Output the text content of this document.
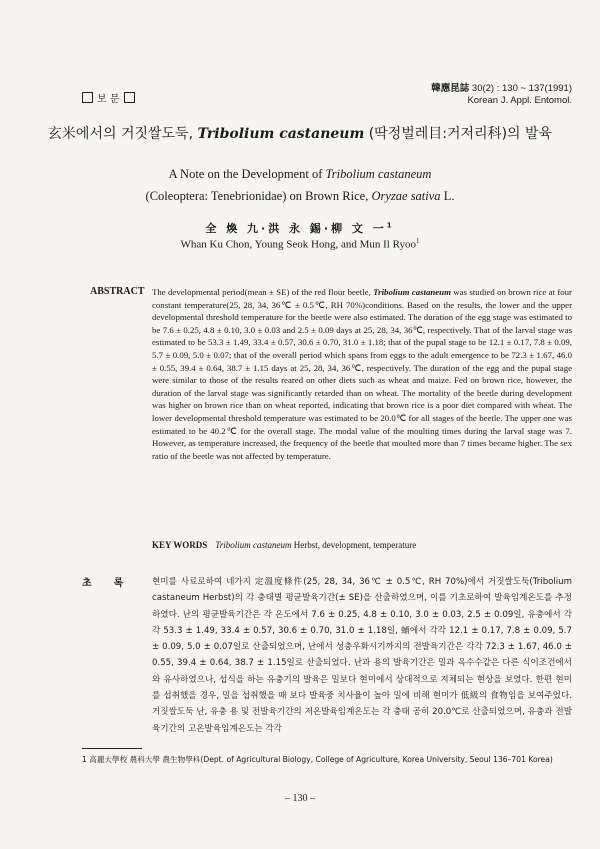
보 문
韓應昆誌 30(2) : 130 ~ 137(1991)
Korean J. Appl. Entomol.
玄米에서의 거짓쌀도둑, Tribolium castaneum (딱정벌레目:거저리科)의 발육
A Note on the Development of Tribolium castaneum
(Coleoptera: Tenebrionidae) on Brown Rice, Oryzae sativa L.
全 煥 九·洪 永 錫·柳 文 一$^1$
Whan Ku Chon, Young Seok Hong, and Mun Il Ryoo$^1$
ABSTRACT The developmental period(mean ± SE) of the red flour beetle, Tribolium castaneum was studied on brown rice at four constant temperature(25, 28, 34, 36℃ ± 0.5℃, RH 70%)conditions. Based on the results, the lower and the upper developmental threshold temperature for the beetle were also estimated. The duration of the egg stage was estimated to be 7.6 ± 0.25, 4.8 ± 0.10, 3.0 ± 0.03 and 2.5 ± 0.09 days at 25, 28, 34, 36℃, respectively. That of the larval stage was estimated to be 53.3 ± 1.49, 33.4 ± 0.57, 30.6 ± 0.70, 31.0 ± 1.18; that of the pupal stage to be 12.1 ± 0.17, 7.8 ± 0.09, 5.7 ± 0.09, 5.0 ± 0.07; that of the overall period which spans from eggs to the adult emergence to be 72.3 ± 1.67, 46.0 ± 0.55, 39.4 ± 0.64, 38.7 ± 1.15 days at 25, 28, 34, 36℃, respectively. The duration of the egg and the pupal stage were similar to those of the results reared on other diets such as wheat and maize. Fed on brown rice, however, the duration of the larval stage was significantly retarded than on wheat. The mortality of the beetle during development was higher on brown rice than on wheat reported, indicating that brown rice is a poor diet compared with wheat. The lower developmental threshold temperature was estimated to be 20.0℃ for all stages of the beetle. The upper one was estimated to be 40.2℃ for the overall stage. The modal value of the moulting times during the larval stage was 7. However, as temperature increased, the frequency of the beetle that moulted more than 7 times became higher. The sex ratio of the beetle was not affected by temperature.
KEY WORDS Tribolium castaneum Herbst, development, temperature
초록 현미를 사료로하여 네가지 定溫度條件(25, 28, 34, 36℃ ± 0.5℃, RH 70%)에서 거짓쌀도둑(Tribolium castaneum Herbst)의 각 충태별 평균발육기간(± SE)을 산출하였으며, 이를 기초로하여 발육임계온도를 추정하였다. 난의 평균발육기간은 각 온도에서 7.6 ± 0.25, 4.8 ± 0.10, 3.0 ± 0.03, 2.5 ± 0.09일, 유충에서 각각 53.3 ± 1.49, 33.4 ± 0.57, 30.6 ± 0.70, 31.0 ± 1.18일, 蛹에서 각각 12.1 ± 0.17, 7.8 ± 0.09, 5.7 ± 0.09, 5.0 ± 0.07일로 산출되었으며, 난에서 성충우화시기까지의 전발육기간은 각각 72.3 ± 1.67, 46.0 ± 0.55, 39.4 ± 0.64, 38.7 ± 1.15일로 산출되었다. 난과 용의 발육기간은 밀과 옥수수같은 다른 식이조건에서와 유사하였으나, 섭식을 하는 유충기의 발육은 밀보다 현미에서 상대적으로 지체되는 현상을 보였다. 한편 현미를 섭취했을 경우, 밀을 섭취했을 때 보다 발육중 치사율이 높아 밀에 비해 현미가 低級의 食物임을 보여주었다. 거짓쌀도둑 난, 유충 용 및 전발육기간의 저온발육임계온도는 각 충태 공히 20.0℃로 산출되었으며, 유충과 전발육기간의 고온발육임계온도는 각각
1 高麗大學校 農科大學 農生物學科(Dept. of Agricultural Biology, College of Agriculture, Korea University, Seoul 136–701 Korea)
– 130 –
